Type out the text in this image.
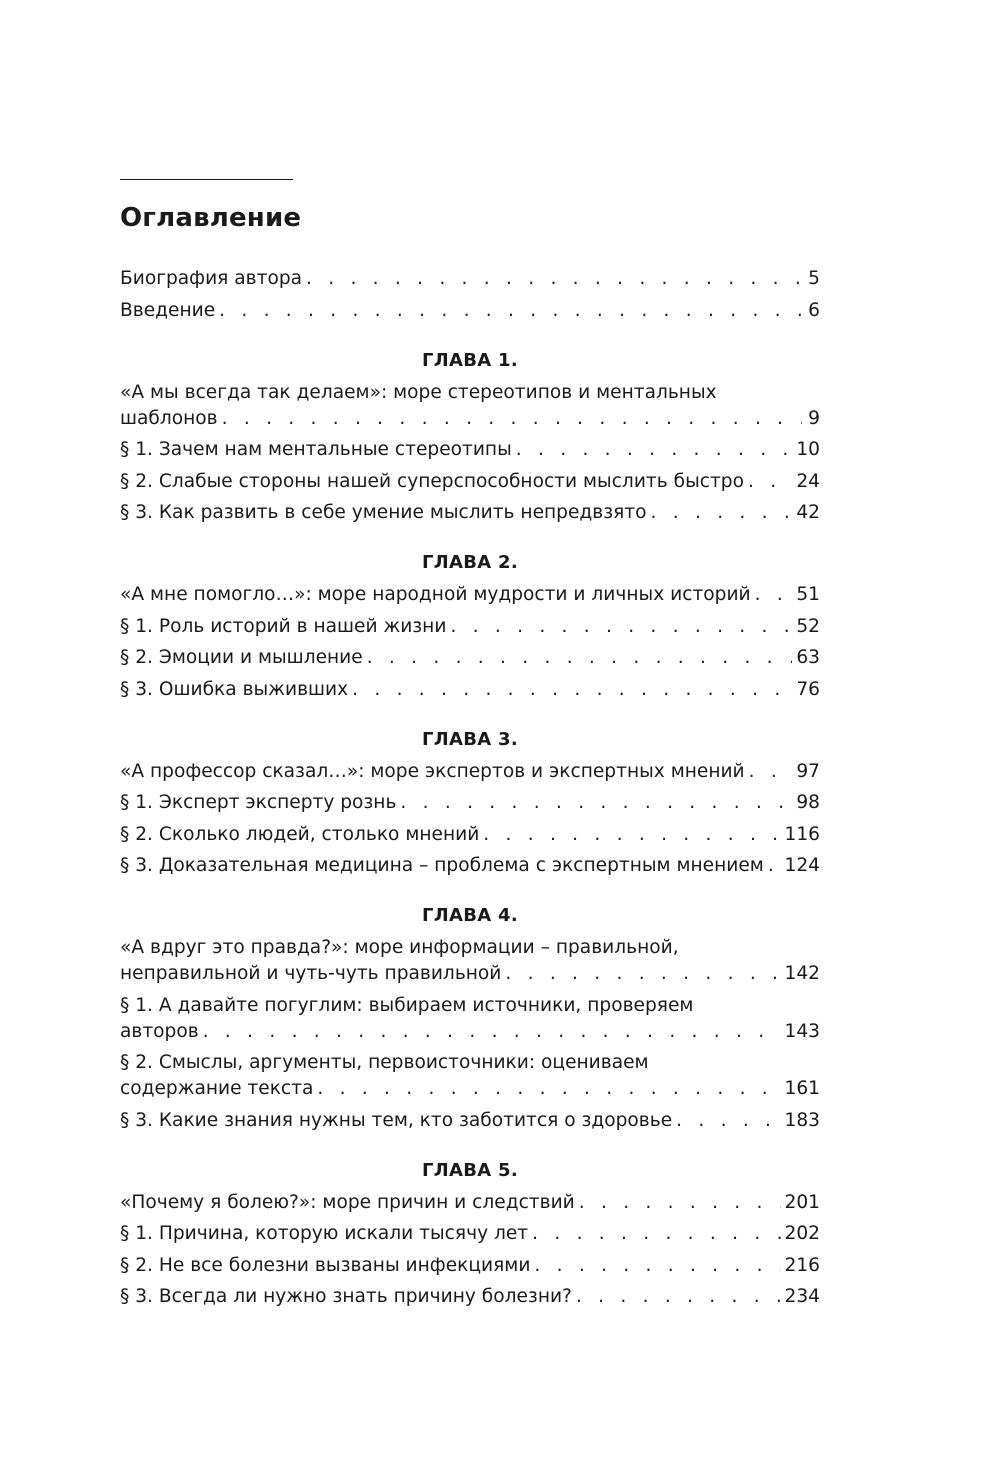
Оглавление
Биография автора . . .	5
Введение . . .	6
ГЛАВА 1.
«А мы всегда так делаем»: море стереотипов и ментальных
шаблонов . . .	9
§ 1. Зачем нам ментальные стереотипы . . .	10
§ 2. Слабые стороны нашей суперспособности мыслить быстро . . .	24
§ 3. Как развить в себе умение мыслить непредвзято . . .	42
ГЛАВА 2.
«А мне помогло…»: море народной мудрости и личных историй . . . 51
§ 1. Роль историй в нашей жизни . . .	52
§ 2. Эмоции и мышление . . .	63
§ 3. Ошибка выживших . . .	76
ГЛАВА 3.
«А профессор сказал…»: море экспертов и экспертных мнений . . .	97
§ 1. Эксперт эксперту рознь . . .	98
§ 2. Сколько людей, столько мнений . . .	116
§ 3. Доказательная медицина – проблема с экспертным мнением . . . 124
ГЛАВА 4.
«А вдруг это правда?»: море информации – правильной,
неправильной и чуть-чуть правильной . . .	142
§ 1. А давайте погуглим: выбираем источники, проверяем
авторов . . .	143
§ 2. Смыслы, аргументы, первоисточники: оцениваем
содержание текста . . .	161
§ 3. Какие знания нужны тем, кто заботится о здоровье . . .	183
ГЛАВА 5.
«Почему я болею?»: море причин и следствий . . .	201
§ 1. Причина, которую искали тысячу лет . . .	202
§ 2. Не все болезни вызваны инфекциями . . .	216
§ 3. Всегда ли нужно знать причину болезни? . . .	234
